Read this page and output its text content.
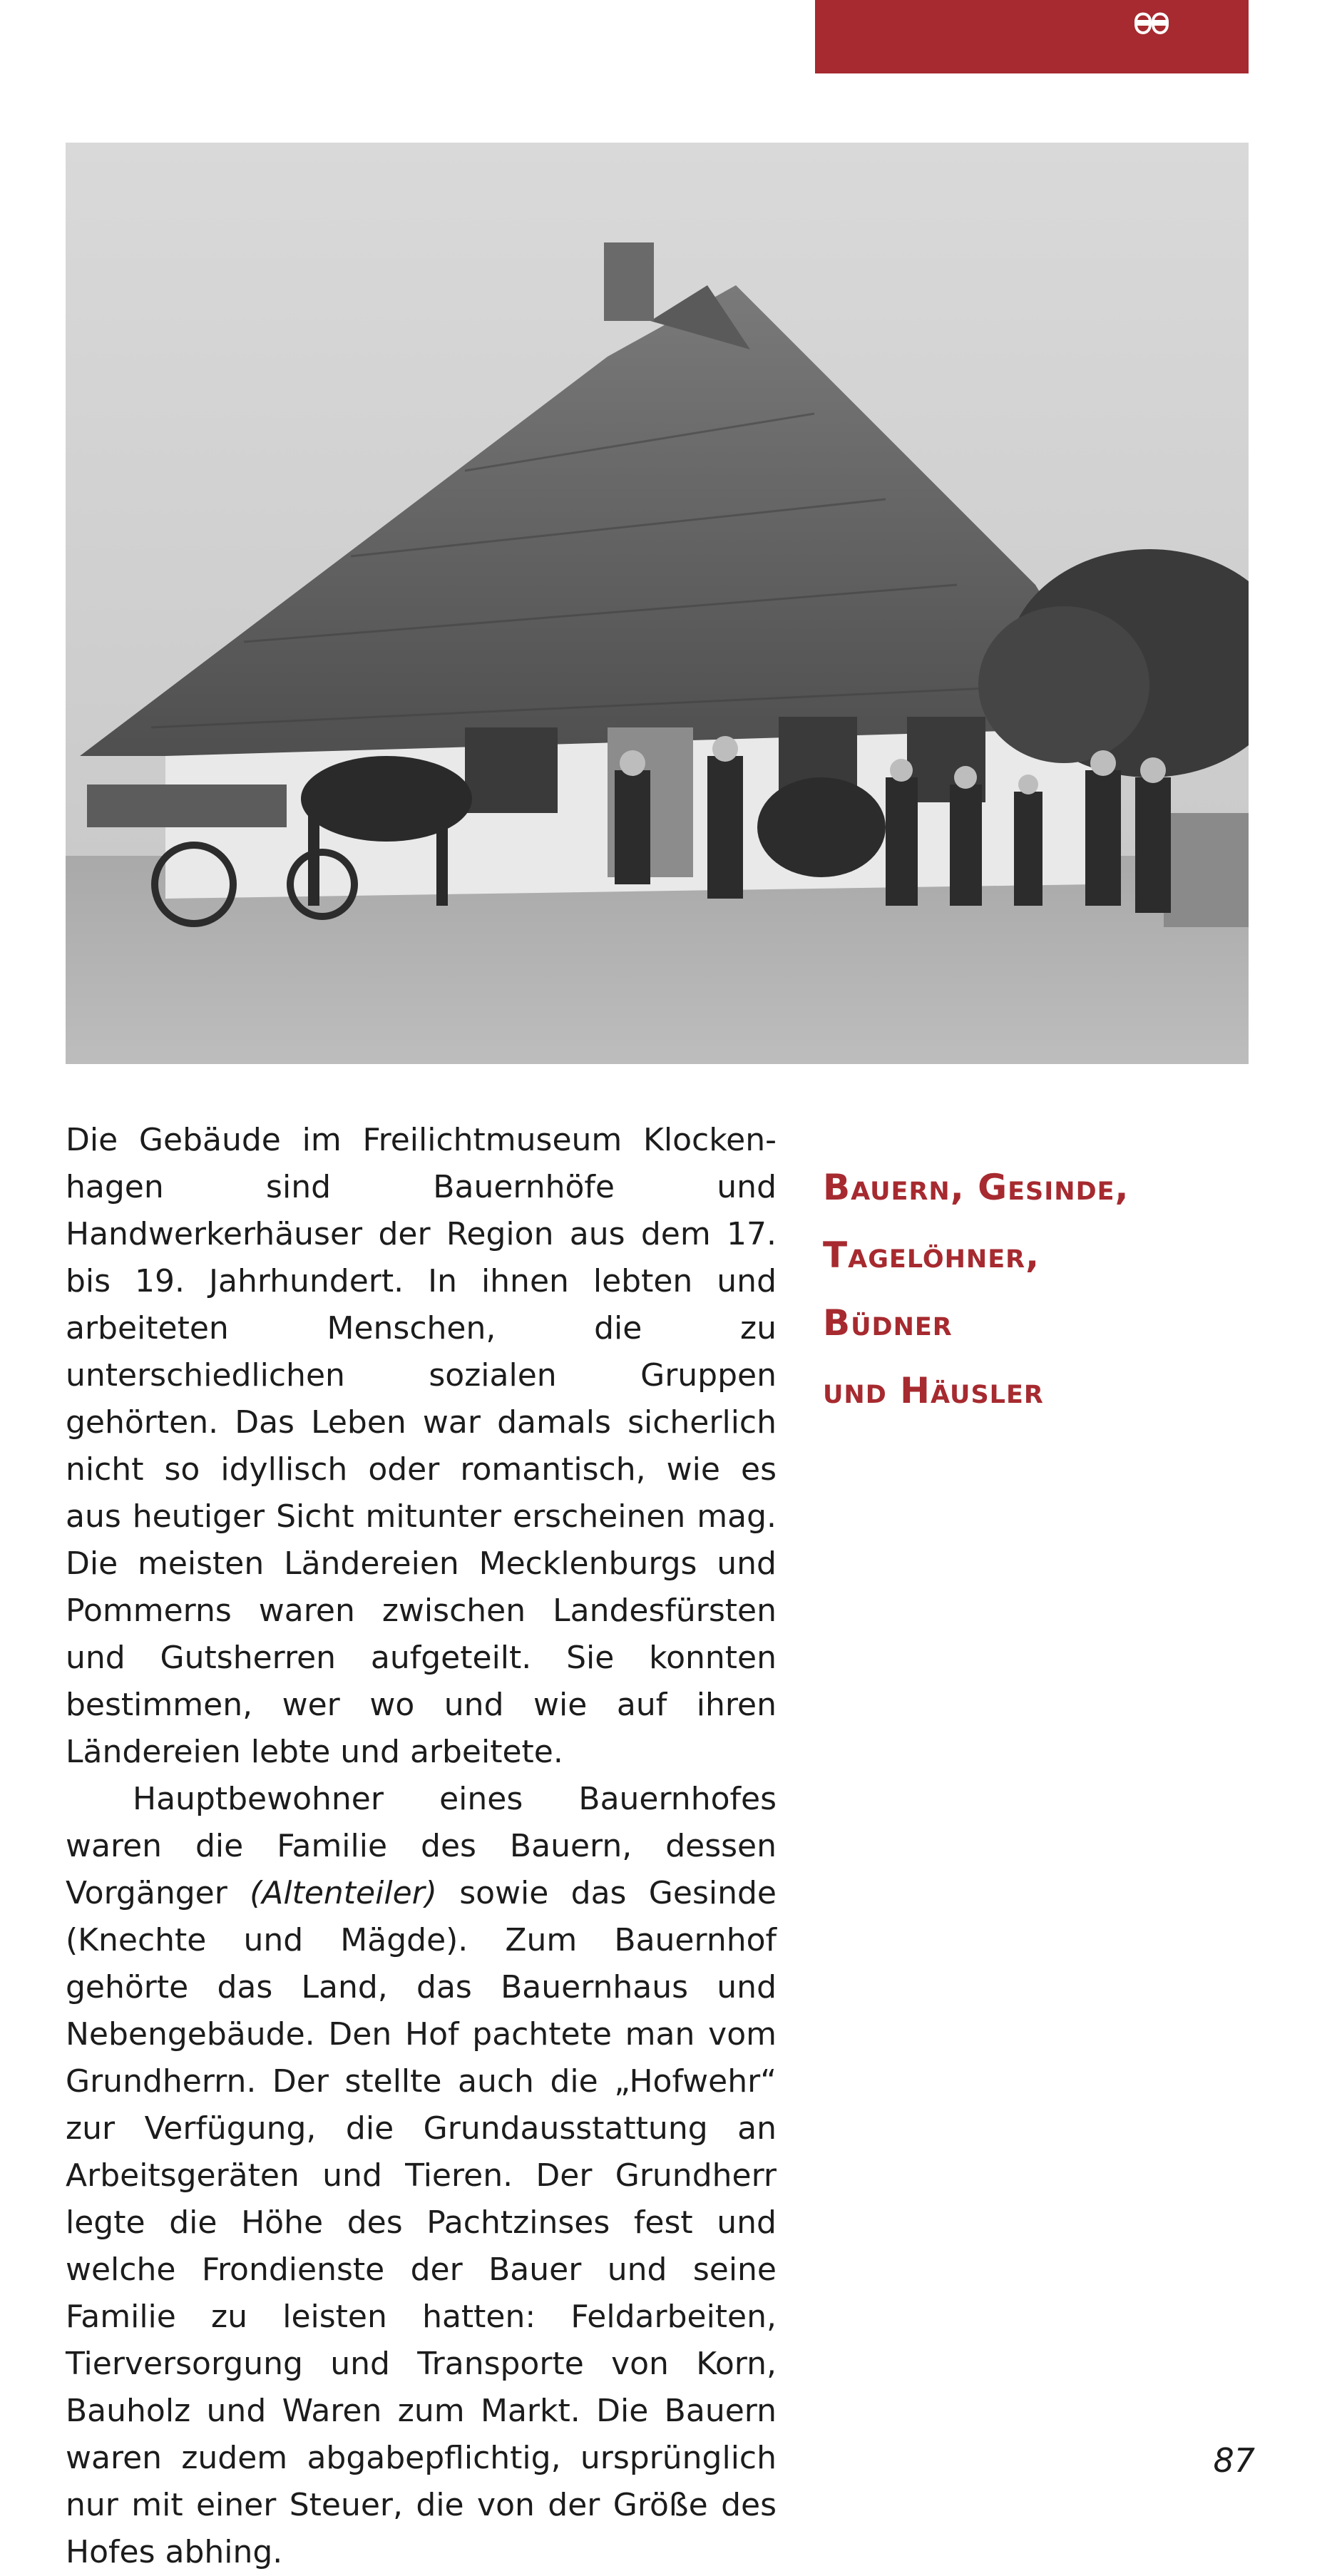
Die Gebäude im Freilichtmuseum Klockenhagen sind Bauernhöfe und Handwerkerhäuser der Region aus dem 17. bis 19. Jahrhundert. In ihnen lebten und arbeiteten Menschen, die zu unterschiedlichen sozialen Gruppen gehörten. Das Leben war damals sicherlich nicht so idyllisch oder romantisch, wie es aus heutiger Sicht mitunter erscheinen mag. Die meisten Ländereien Mecklenburgs und Pommerns waren zwischen Landesfürsten und Gutsherren aufgeteilt. Sie konnten bestimmen, wer wo und wie auf ihren Ländereien lebte und arbeitete.

Hauptbewohner eines Bauernhofes waren die Familie des Bauern, dessen Vorgänger (Altenteiler) sowie das Gesinde (Knechte und Mägde). Zum Bauernhof gehörte das Land, das Bauernhaus und Nebengebäude. Den Hof pachtete man vom Grundherrn. Der stellte auch die „Hofwehr“ zur Verfügung, die Grundausstattung an Arbeitsgeräten und Tieren. Der Grundherr legte die Höhe des Pachtzinses fest und welche Frondienste der Bauer und seine Familie zu leisten hatten: Feldarbeiten, Tierversorgung und Transporte von Korn, Bauholz und Waren zum Markt. Die Bauern waren zudem abgabepflichtig, ursprünglich nur mit einer Steuer, die von der Größe des Hofes abhing.

Bauern, Gesinde,
Tagelöhner,
Büdner
und Häusler
87
